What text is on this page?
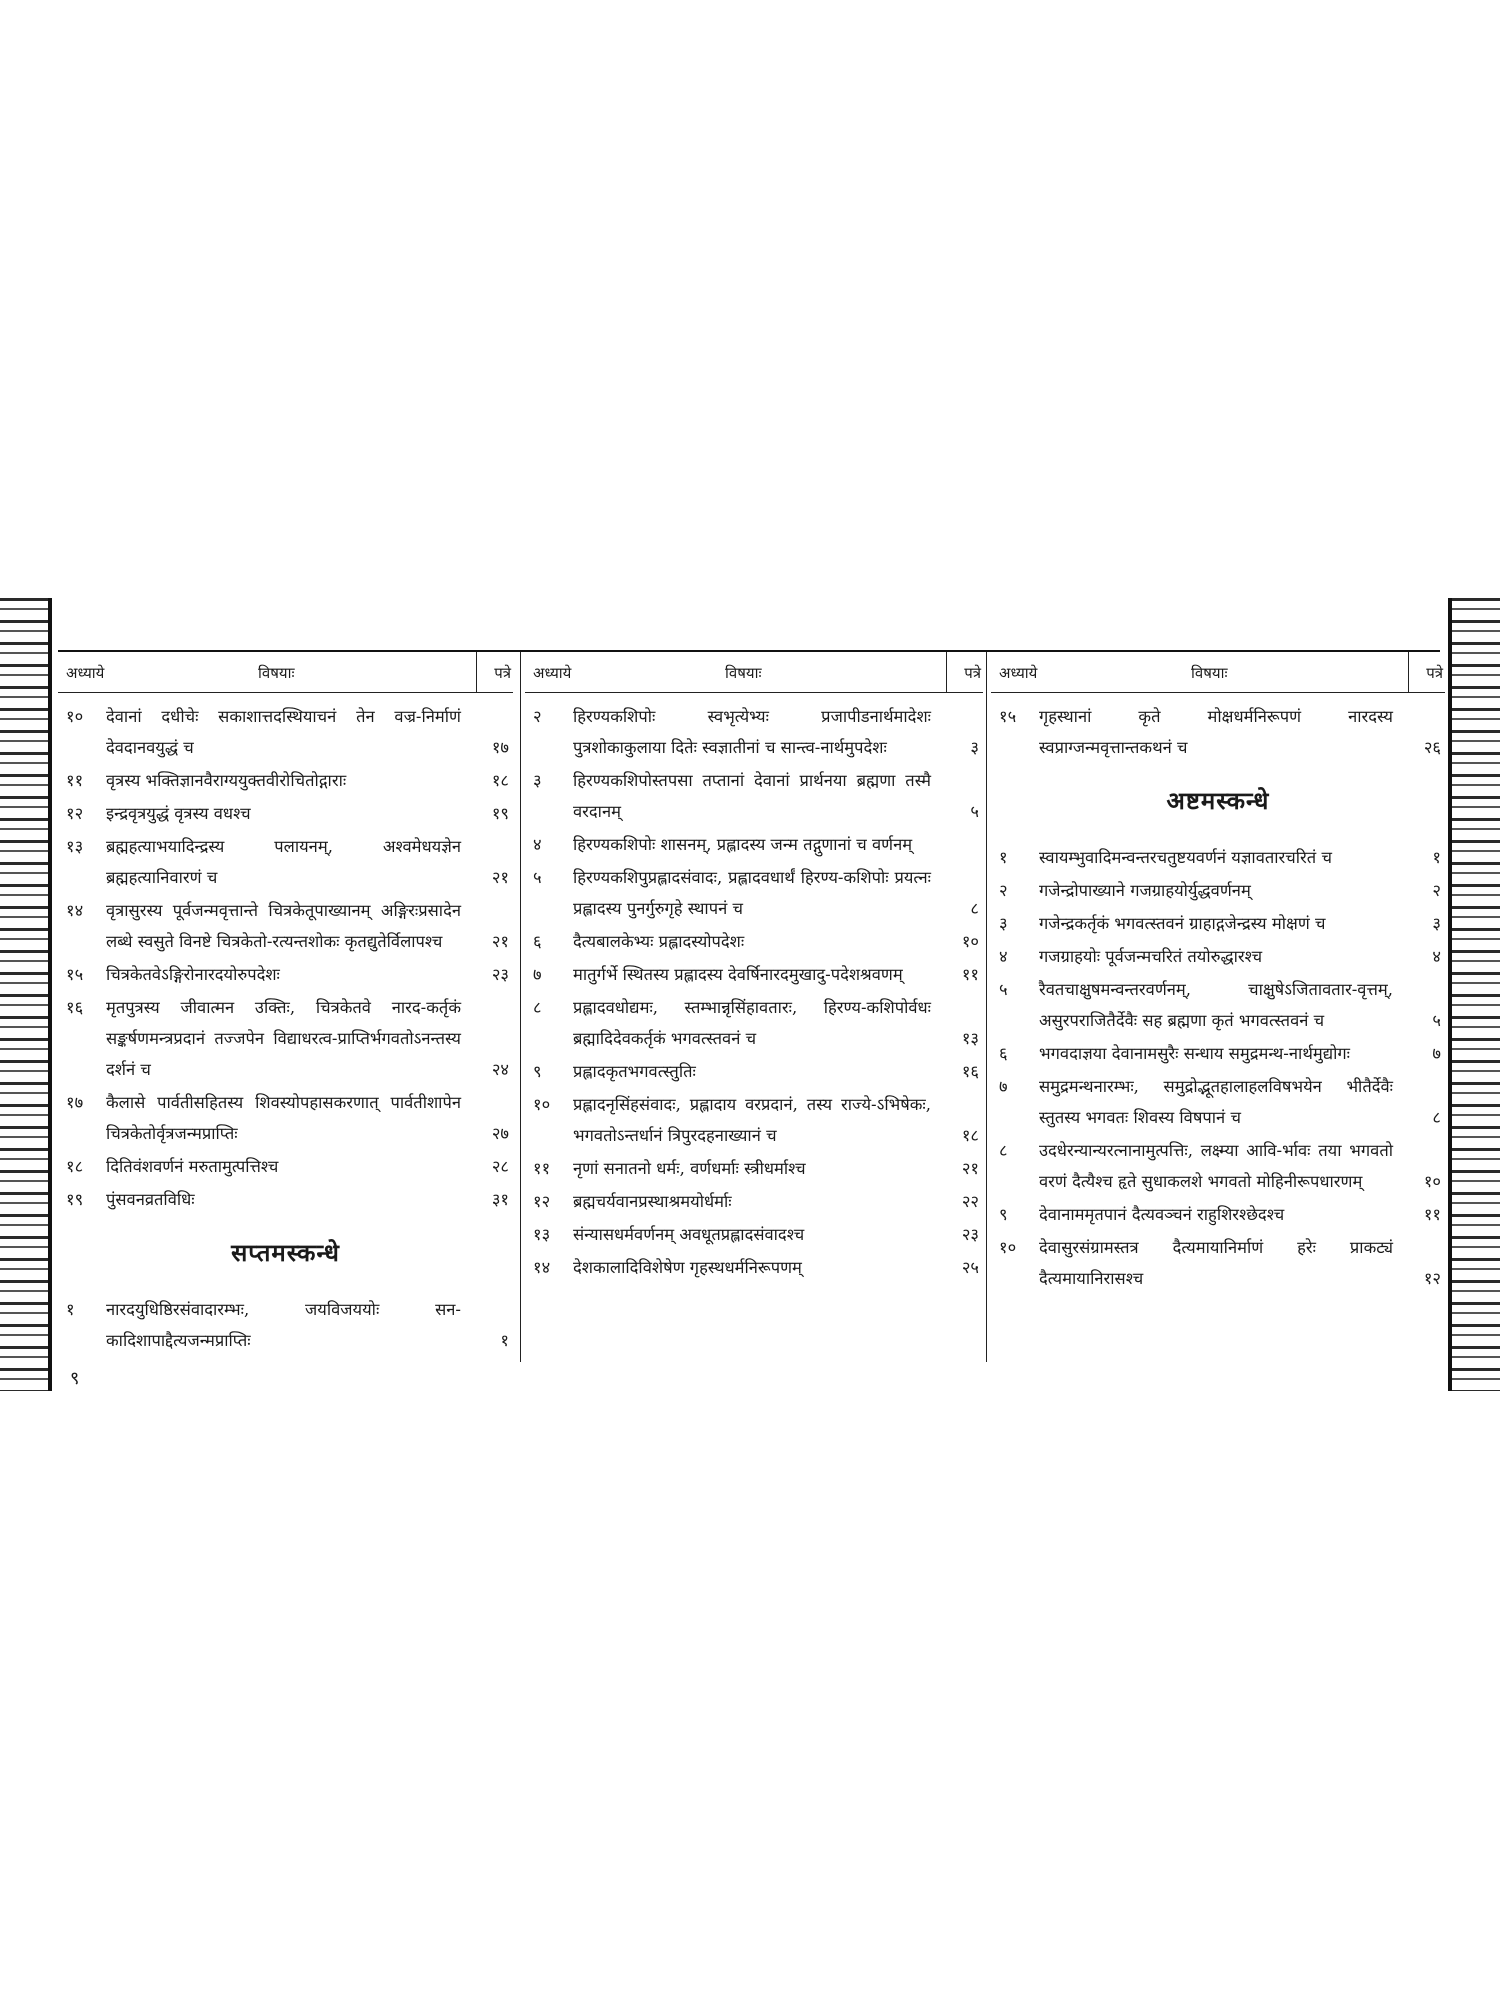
अध्याये	विषयाः	पत्रे
१०	देवानां दधीचेः सकाशात्तदस्थियाचनं तेन वज्र-निर्माणं देवदानवयुद्धं च	१७
११	वृत्रस्य भक्तिज्ञानवैराग्ययुक्तवीरोचितोद्गाराः	१८
१२	इन्द्रवृत्रयुद्धं वृत्रस्य वधश्च	१९
१३	ब्रह्महत्याभयादिन्द्रस्य पलायनम्, अश्वमेधयज्ञेन ब्रह्महत्यानिवारणं च	२१
१४	वृत्रासुरस्य पूर्वजन्मवृत्तान्ते चित्रकेतूपाख्यानम् अङ्गिरःप्रसादेन लब्धे स्वसुते विनष्टे चित्रकेतो-रत्यन्तशोकः कृतद्युतेर्विलापश्च	२१
१५	चित्रकेतवेऽङ्गिरोनारदयोरुपदेशः	२३
१६	मृतपुत्रस्य जीवात्मन उक्तिः, चित्रकेतवे नारद-कर्तृकं सङ्कर्षणमन्त्रप्रदानं तज्जपेन विद्याधरत्व-प्राप्तिर्भगवतोऽनन्तस्य दर्शनं च	२४
१७	कैलासे पार्वतीसहितस्य शिवस्योपहासकरणात् पार्वतीशापेन चित्रकेतोर्वृत्रजन्मप्राप्तिः	२७
१८	दितिवंशवर्णनं मरुतामुत्पत्तिश्च	२८
१९	पुंसवनव्रतविधिः	३१
सप्तमस्कन्धे
१	नारदयुधिष्ठिरसंवादारम्भः, जयविजययोः सन-कादिशापाद्दैत्यजन्मप्राप्तिः	१
अध्याये	विषयाः	पत्रे
२	हिरण्यकशिपोः स्वभृत्येभ्यः प्रजापीडनार्थमादेशः पुत्रशोकाकुलाया दितेः स्वज्ञातीनां च सान्त्व-नार्थमुपदेशः	३
३	हिरण्यकशिपोस्तपसा तप्तानां देवानां प्रार्थनया ब्रह्मणा तस्मै वरदानम्	५
४	हिरण्यकशिपोः शासनम्, प्रह्लादस्य जन्म तद्गुणानां च वर्णनम्
५	हिरण्यकशिपुप्रह्लादसंवादः, प्रह्लादवधार्थं हिरण्य-कशिपोः प्रयत्नः प्रह्लादस्य पुनर्गुरुगृहे स्थापनं च	८
६	दैत्यबालकेभ्यः प्रह्लादस्योपदेशः	१०
७	मातुर्गर्भे स्थितस्य प्रह्लादस्य देवर्षिनारदमुखादु-पदेशश्रवणम्	११
८	प्रह्लादवधोद्यमः, स्तम्भान्नृसिंहावतारः, हिरण्य-कशिपोर्वधः ब्रह्मादिदेवकर्तृकं भगवत्स्तवनं च	१३
९	प्रह्लादकृतभगवत्स्तुतिः	१६
१०	प्रह्लादनृसिंहसंवादः, प्रह्लादाय वरप्रदानं, तस्य राज्ये-ऽभिषेकः, भगवतोऽन्तर्धानं त्रिपुरदहनाख्यानं च	१८
११	नृणां सनातनो धर्मः, वर्णधर्माः स्त्रीधर्माश्च	२१
१२	ब्रह्मचर्यवानप्रस्थाश्रमयोर्धर्माः	२२
१३	संन्यासधर्मवर्णनम् अवधूतप्रह्लादसंवादश्च	२३
१४	देशकालादिविशेषेण गृहस्थधर्मनिरूपणम्	२५
अध्याये	विषयाः	पत्रे
१५	गृहस्थानां कृते मोक्षधर्मनिरूपणं नारदस्य स्वप्राग्जन्मवृत्तान्तकथनं च	२६
अष्टमस्कन्धे
१	स्वायम्भुवादिमन्वन्तरचतुष्टयवर्णनं यज्ञावतारचरितं च	१
२	गजेन्द्रोपाख्याने गजग्राहयोर्युद्धवर्णनम्	२
३	गजेन्द्रकर्तृकं भगवत्स्तवनं ग्राहाद्गजेन्द्रस्य मोक्षणं च	३
४	गजग्राहयोः पूर्वजन्मचरितं तयोरुद्धारश्च	४
५	रैवतचाक्षुषमन्वन्तरवर्णनम्, चाक्षुषेऽजितावतार-वृत्तम्, असुरपराजितैर्देवैः सह ब्रह्मणा कृतं भगवत्स्तवनं च	५
६	भगवदाज्ञया देवानामसुरैः सन्धाय समुद्रमन्थ-नार्थमुद्योगः	७
७	समुद्रमन्थनारम्भः, समुद्रोद्भूतहालाहलविषभयेन भीतैर्देवैः स्तुतस्य भगवतः शिवस्य विषपानं च	८
८	उदधेरन्यान्यरत्नानामुत्पत्तिः, लक्ष्म्या आवि-र्भावः तया भगवतो वरणं दैत्यैश्च हृते सुधाकलशे भगवतो मोहिनीरूपधारणम्	१०
९	देवानाममृतपानं दैत्यवञ्चनं राहुशिरश्छेदश्च	११
१०	देवासुरसंग्रामस्तत्र दैत्यमायानिर्माणं हरेः प्राकट्यं दैत्यमायानिरासश्च	१२
९
